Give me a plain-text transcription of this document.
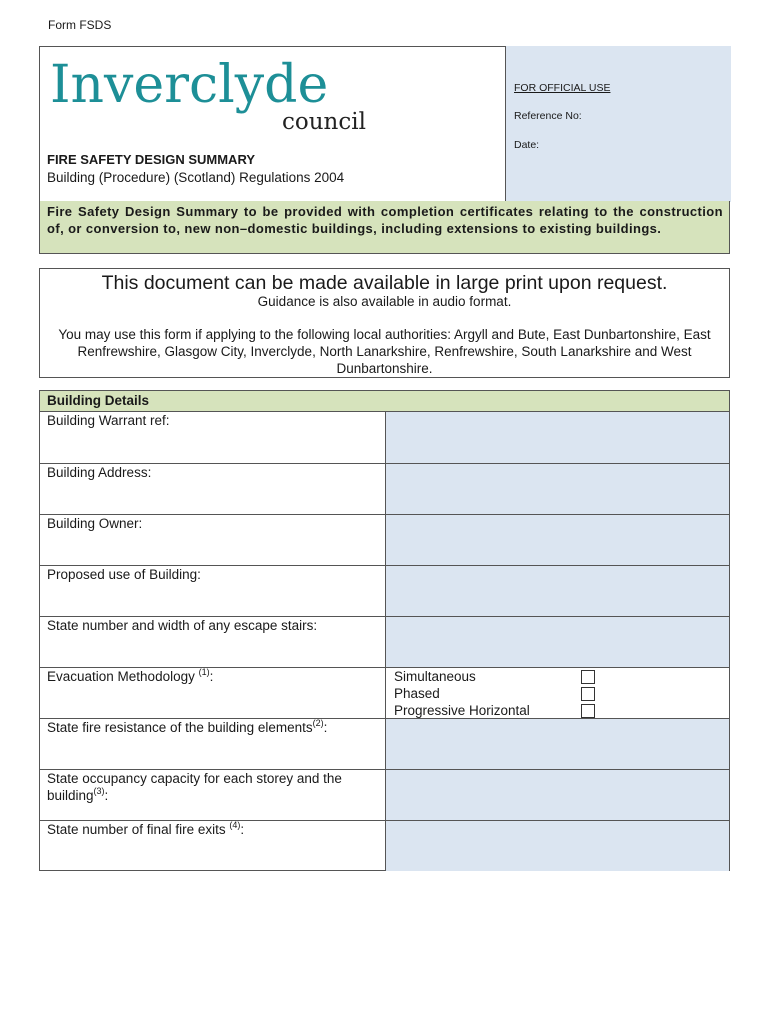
Form FSDS
Inverclyde
council
FIRE SAFETY DESIGN SUMMARY
Building (Procedure) (Scotland) Regulations 2004
FOR OFFICIAL USE
Reference No:
Date:
Fire Safety Design Summary to be provided with completion certificates relating to the construction of, or conversion to, new non–domestic buildings, including extensions to existing buildings.
This document can be made available in large print upon request.
Guidance is also available in audio format.
You may use this form if applying to the following local authorities: Argyll and Bute, East Dunbartonshire, East Renfrewshire, Glasgow City, Inverclyde, North Lanarkshire, Renfrewshire, South Lanarkshire and West Dunbartonshire.
Building Details
Building Warrant ref:
Building Address:
Building Owner:
Proposed use of Building:
State number and width of any escape stairs:
Evacuation Methodology $^{(1)}$:	Simultaneous
Phased
Progressive Horizontal
State fire resistance of the building elements$^{(2)}$:
State occupancy capacity for each storey and the building$^{(3)}$:
State number of final fire exits $^{(4)}$:
